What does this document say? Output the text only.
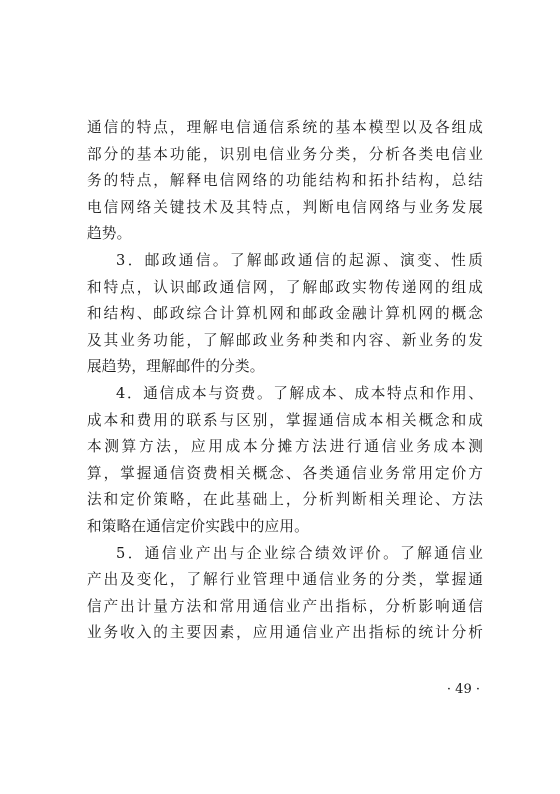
通信的特点，理解电信通信系统的基本模型以及各组成
部分的基本功能，识别电信业务分类，分析各类电信业
务的特点，解释电信网络的功能结构和拓扑结构，总结
电信网络关键技术及其特点，判断电信网络与业务发展
趋势。
3．邮政通信。了解邮政通信的起源、演变、性质
和特点，认识邮政通信网，了解邮政实物传递网的组成
和结构、邮政综合计算机网和邮政金融计算机网的概念
及其业务功能，了解邮政业务种类和内容、新业务的发
展趋势，理解邮件的分类。
4．通信成本与资费。了解成本、成本特点和作用、
成本和费用的联系与区别，掌握通信成本相关概念和成
本测算方法，应用成本分摊方法进行通信业务成本测
算，掌握通信资费相关概念、各类通信业务常用定价方
法和定价策略，在此基础上，分析判断相关理论、方法
和策略在通信定价实践中的应用。
5．通信业产出与企业综合绩效评价。了解通信业
产出及变化，了解行业管理中通信业务的分类，掌握通
信产出计量方法和常用通信业产出指标，分析影响通信
业务收入的主要因素，应用通信业产出指标的统计分析
· 49 ·
